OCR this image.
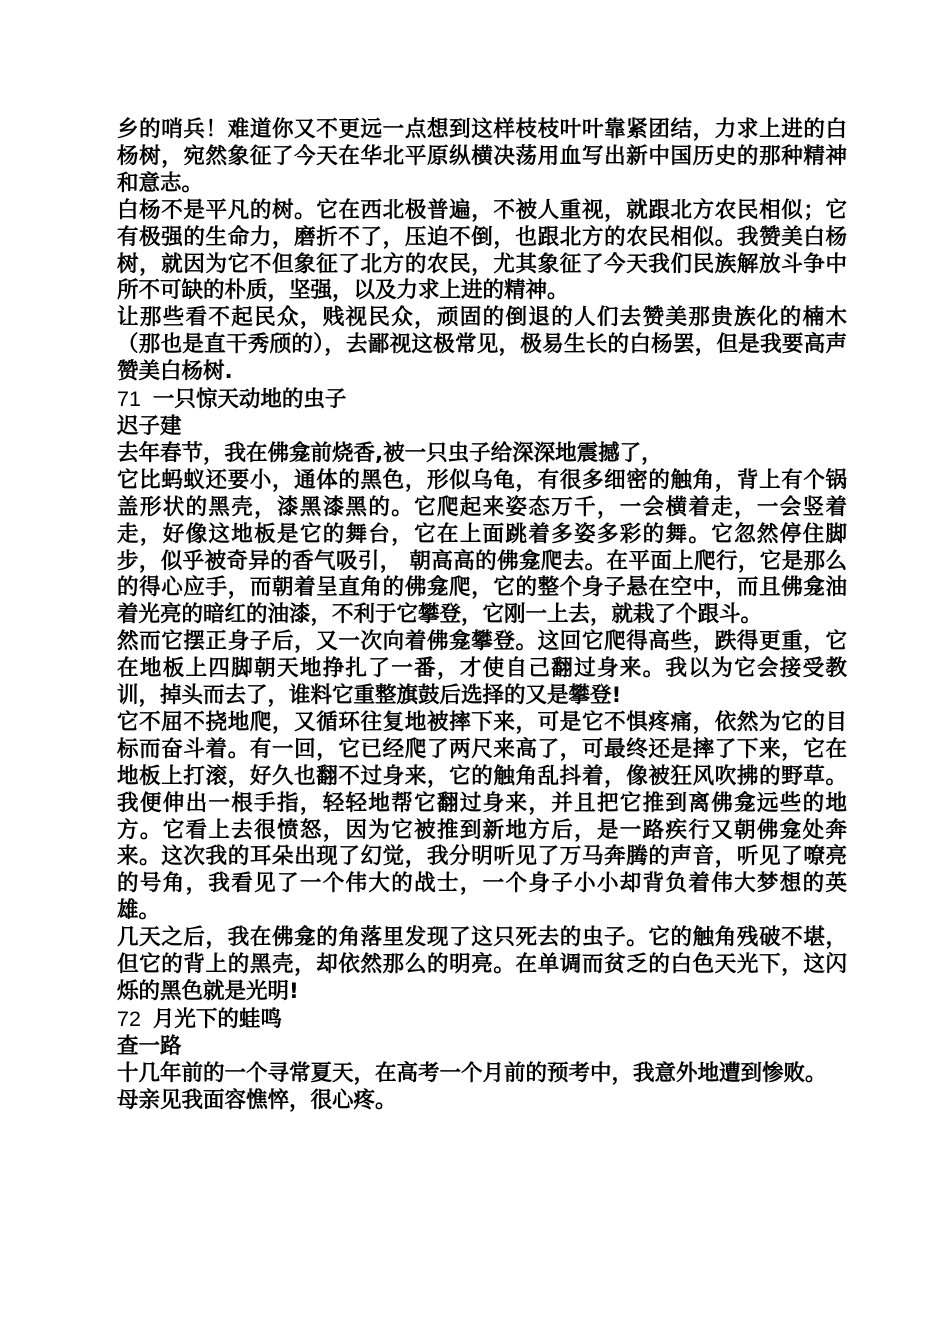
乡的哨兵！难道你又不更远一点想到这样枝枝叶叶靠紧团结，力求上进的白杨树，宛然象征了今天在华北平原纵横决荡用血写出新中国历史的那种精神和意志。

白杨不是平凡的树。它在西北极普遍，不被人重视，就跟北方农民相似；它有极强的生命力，磨折不了，压迫不倒，也跟北方的农民相似。我赞美白杨树，就因为它不但象征了北方的农民，尤其象征了今天我们民族解放斗争中所不可缺的朴质，坚强，以及力求上进的精神。

让那些看不起民众，贱视民众，顽固的倒退的人们去赞美那贵族化的楠木（那也是直干秀颀的），去鄙视这极常见，极易生长的白杨罢，但是我要高声赞美白杨树.

71 一只惊天动地的虫子

迟子建

去年春节，我在佛龛前烧香,被一只虫子给深深地震撼了，

它比蚂蚁还要小，通体的黑色，形似乌龟，有很多细密的触角，背上有个锅盖形状的黑壳，漆黑漆黑的。它爬起来姿态万千，一会横着走，一会竖着走，好像这地板是它的舞台，它在上面跳着多姿多彩的舞。它忽然停住脚步，似乎被奇异的香气吸引， 朝高高的佛龛爬去。在平面上爬行，它是那么的得心应手，而朝着呈直角的佛龛爬，它的整个身子悬在空中，而且佛龛油着光亮的暗红的油漆，不利于它攀登，它刚一上去，就栽了个跟斗。

然而它摆正身子后，又一次向着佛龛攀登。这回它爬得高些，跌得更重，它在地板上四脚朝天地挣扎了一番，才使自己翻过身来。我以为它会接受教训，掉头而去了，谁料它重整旗鼓后选择的又是攀登!

它不屈不挠地爬，又循环往复地被摔下来，可是它不惧疼痛，依然为它的目标而奋斗着。有一回，它已经爬了两尺来高了，可最终还是摔了下来，它在地板上打滚，好久也翻不过身来，它的触角乱抖着，像被狂风吹拂的野草。我便伸出一根手指，轻轻地帮它翻过身来，并且把它推到离佛龛远些的地方。它看上去很愤怒，因为它被推到新地方后，是一路疾行又朝佛龛处奔来。这次我的耳朵出现了幻觉，我分明听见了万马奔腾的声音，听见了嘹亮的号角，我看见了一个伟大的战士，一个身子小小却背负着伟大梦想的英雄。

几天之后，我在佛龛的角落里发现了这只死去的虫子。它的触角残破不堪，但它的背上的黑壳，却依然那么的明亮。在单调而贫乏的白色天光下，这闪烁的黑色就是光明!

72 月光下的蛙鸣

查一路

十几年前的一个寻常夏天，在高考一个月前的预考中，我意外地遭到惨败。

母亲见我面容憔悴，很心疼。
